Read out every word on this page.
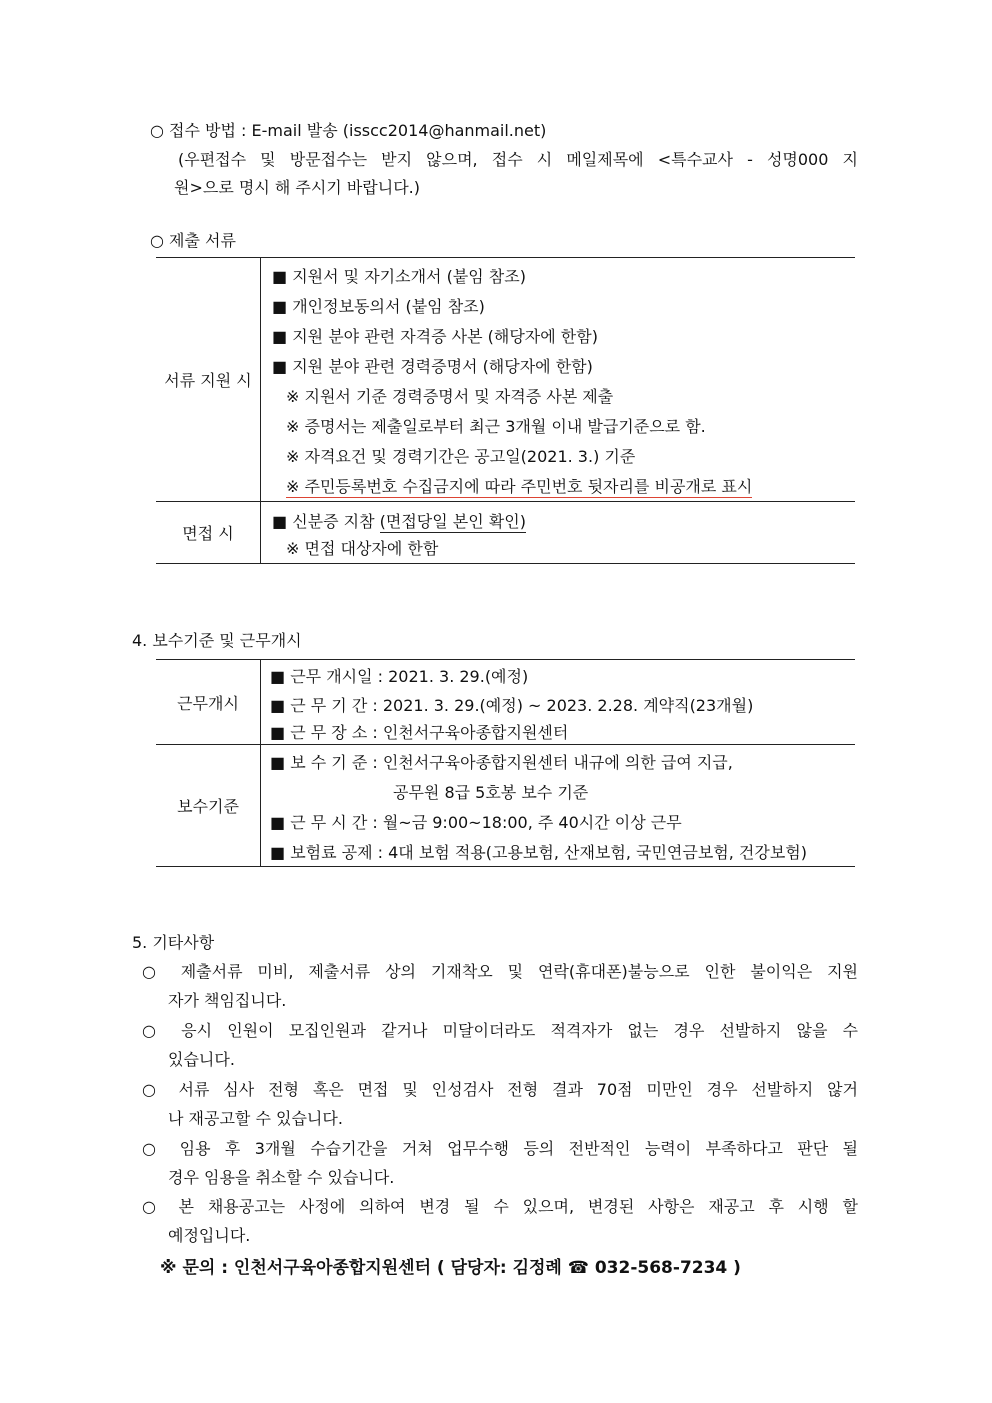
○ 접수 방법 : E-mail 발송 (isscc2014@hanmail.net)
(우편접수 및 방문접수는 받지 않으며, 접수 시 메일제목에 <특수교사 - 성명000 지
원>으로 명시 해 주시기 바랍니다.)
○ 제출 서류
서류 지원 시
■ 지원서 및 자기소개서 (붙임 참조)
■ 개인정보동의서 (붙임 참조)
■ 지원 분야 관련 자격증 사본 (해당자에 한함)
■ 지원 분야 관련 경력증명서 (해당자에 한함)
※ 지원서 기준 경력증명서 및 자격증 사본 제출
※ 증명서는 제출일로부터 최근 3개월 이내 발급기준으로 함.
※ 자격요건 및 경력기간은 공고일(2021. 3.) 기준
※ 주민등록번호 수집금지에 따라 주민번호 뒷자리를 비공개로 표시
면접 시
■ 신분증 지참 (면접당일 본인 확인)
※ 면접 대상자에 한함
4. 보수기준 및 근무개시
근무개시
■ 근무 개시일 : 2021. 3. 29.(예정)
■ 근 무 기 간 : 2021. 3. 29.(예정) ~ 2023. 2.28. 계약직(23개월)
■ 근 무 장 소 : 인천서구육아종합지원센터
보수기준
■ 보 수 기 준 : 인천서구육아종합지원센터 내규에 의한 급여 지급,
공무원 8급 5호봉 보수 기준
■ 근 무 시 간 : 월~금 9:00~18:00, 주 40시간 이상 근무
■ 보험료 공제 : 4대 보험 적용(고용보험, 산재보험, 국민연금보험, 건강보험)
5. 기타사항
○ 제출서류 미비, 제출서류 상의 기재착오 및 연락(휴대폰)불능으로 인한 불이익은 지원
자가 책임집니다.
○ 응시 인원이 모집인원과 같거나 미달이더라도 적격자가 없는 경우 선발하지 않을 수
있습니다.
○ 서류 심사 전형 혹은 면접 및 인성검사 전형 결과 70점 미만인 경우 선발하지 않거
나 재공고할 수 있습니다.
○ 임용 후 3개월 수습기간을 거쳐 업무수행 등의 전반적인 능력이 부족하다고 판단 될
경우 임용을 취소할 수 있습니다.
○ 본 채용공고는 사정에 의하여 변경 될 수 있으며, 변경된 사항은 재공고 후 시행 할
예정입니다.
※ 문의 : 인천서구육아종합지원센터 ( 담당자: 김정례 ☎ 032-568-7234 )
